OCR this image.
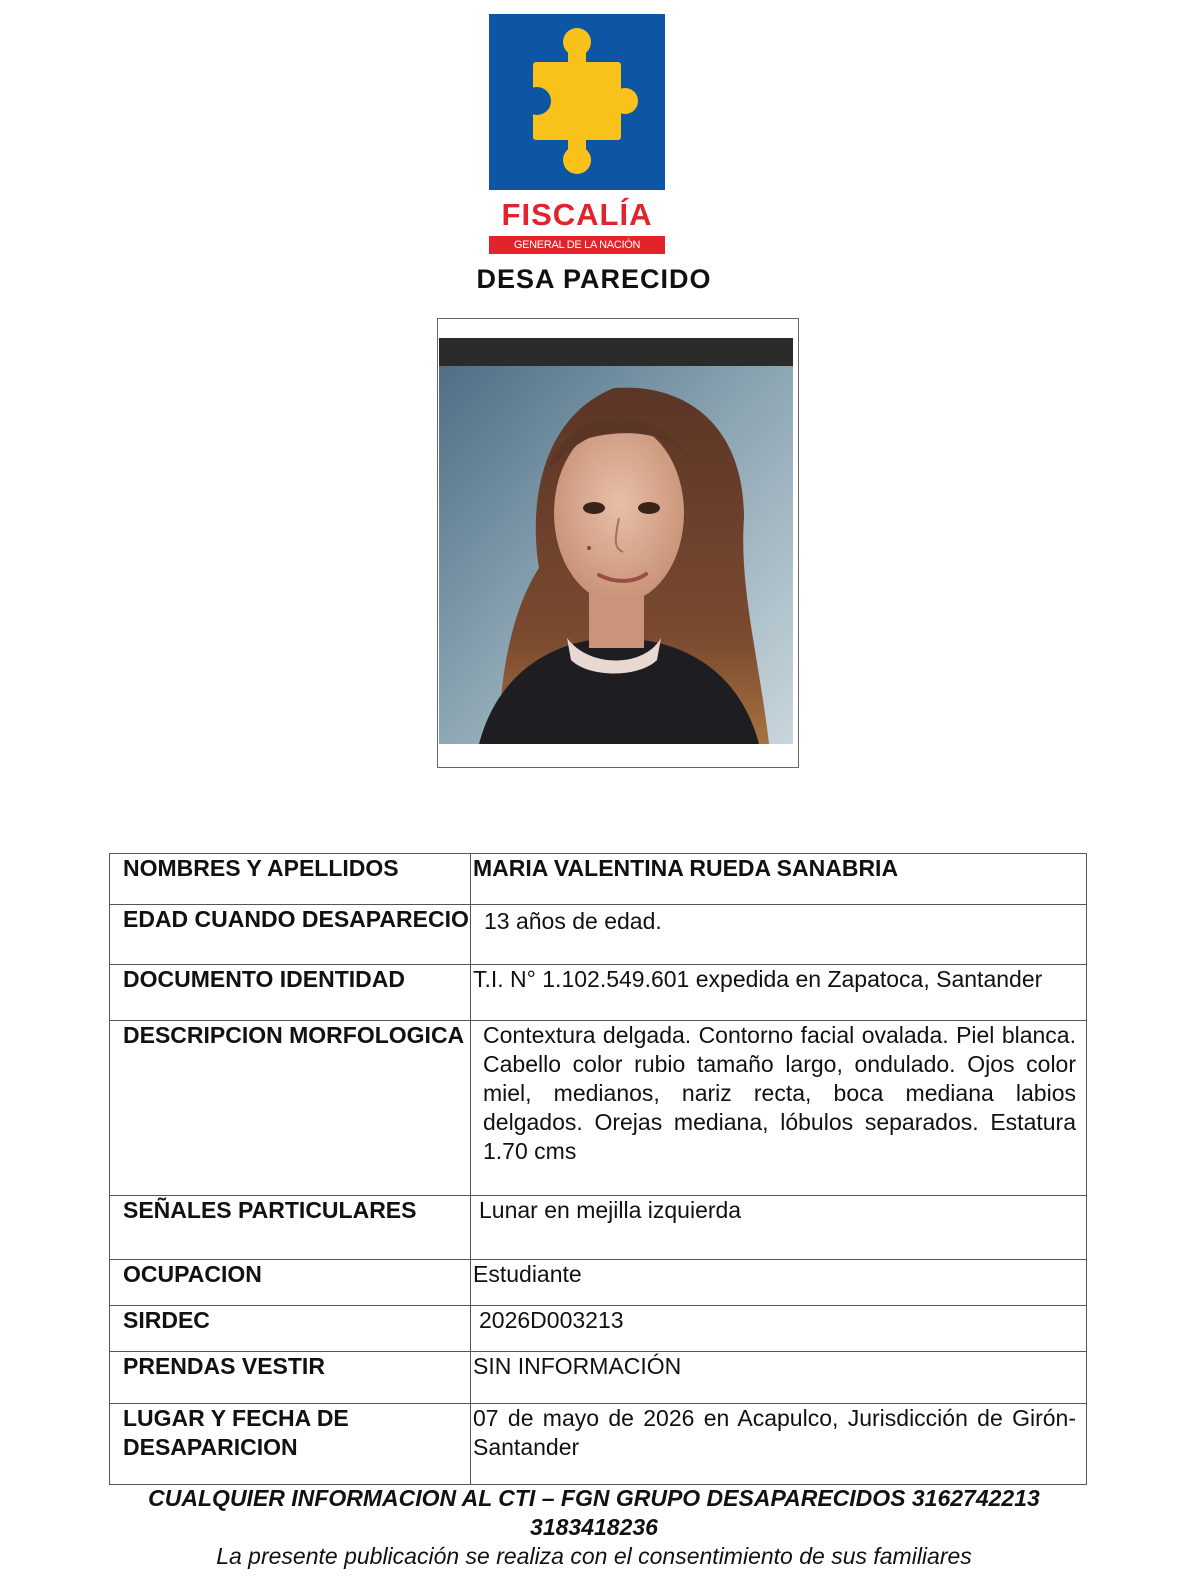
FISCALÍA
GENERAL DE LA NACIÓN
DESA PARECIDO
NOMBRES Y APELLIDOS	MARIA VALENTINA RUEDA SANABRIA
EDAD CUANDO DESAPARECIO	13 años de edad.
DOCUMENTO IDENTIDAD	T.I. N° 1.102.549.601 expedida en Zapatoca, Santander
DESCRIPCION MORFOLOGICA	Contextura delgada. Contorno facial ovalada. Piel blanca. Cabello color rubio tamaño largo, ondulado. Ojos color miel, medianos, nariz recta, boca mediana labios delgados. Orejas mediana, lóbulos separados. Estatura 1.70 cms
SEÑALES PARTICULARES	Lunar en mejilla izquierda
OCUPACION	Estudiante
SIRDEC	2026D003213
PRENDAS VESTIR	SIN INFORMACIÓN
LUGAR Y FECHA DE DESAPARICION	07 de mayo de 2026 en Acapulco, Jurisdicción de Girón-Santander
CUALQUIER INFORMACION AL CTI – FGN GRUPO DESAPARECIDOS 3162742213 3183418236
La presente publicación se realiza con el consentimiento de sus familiares
